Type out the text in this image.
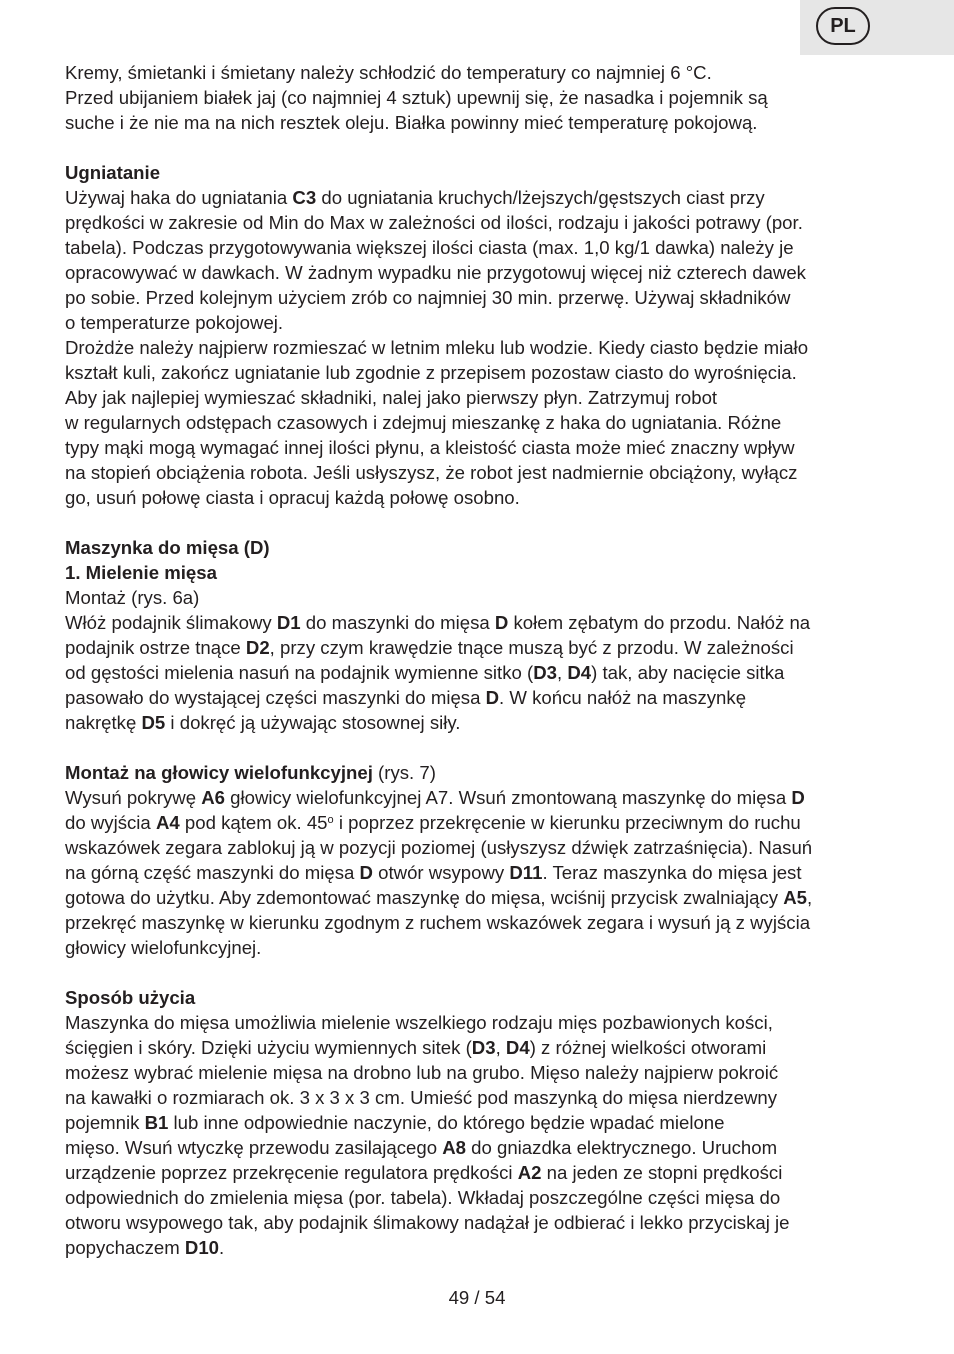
PL
Kremy, śmietanki i śmietany należy schłodzić do temperatury co najmniej 6 °C.
Przed ubijaniem białek jaj (co najmniej 4 sztuk) upewnij się, że nasadka i pojemnik są
suche i że nie ma na nich resztek oleju. Białka powinny mieć temperaturę pokojową.
Ugniatanie
Używaj haka do ugniatania C3 do ugniatania kruchych/lżejszych/gęstszych ciast przy
prędkości w zakresie od Min do Max w zależności od ilości, rodzaju i jakości potrawy (por.
tabela). Podczas przygotowywania większej ilości ciasta (max. 1,0 kg/1 dawka) należy je
opracowywać w dawkach. W żadnym wypadku nie przygotowuj więcej niż czterech dawek
po sobie. Przed kolejnym użyciem zrób co najmniej 30 min. przerwę. Używaj składników
o temperaturze pokojowej.
Drożdże należy najpierw rozmieszać w letnim mleku lub wodzie. Kiedy ciasto będzie miało
kształt kuli, zakończ ugniatanie lub zgodnie z przepisem pozostaw ciasto do wyrośnięcia.
Aby jak najlepiej wymieszać składniki, nalej jako pierwszy płyn. Zatrzymuj robot
w regularnych odstępach czasowych i zdejmuj mieszankę z haka do ugniatania. Różne
typy mąki mogą wymagać innej ilości płynu, a kleistość ciasta może mieć znaczny wpływ
na stopień obciążenia robota. Jeśli usłyszysz, że robot jest nadmiernie obciążony, wyłącz
go, usuń połowę ciasta i opracuj każdą połowę osobno.
Maszynka do mięsa (D)
1. Mielenie mięsa
Montaż (rys. 6a)
Włóż podajnik ślimakowy D1 do maszynki do mięsa D kołem zębatym do przodu. Nałóż na
podajnik ostrze tnące D2, przy czym krawędzie tnące muszą być z przodu. W zależności
od gęstości mielenia nasuń na podajnik wymienne sitko (D3, D4) tak, aby nacięcie sitka
pasowało do wystającej części maszynki do mięsa D. W końcu nałóż na maszynkę
nakrętkę D5 i dokręć ją używając stosownej siły.
Montaż na głowicy wielofunkcyjnej (rys. 7)
Wysuń pokrywę A6 głowicy wielofunkcyjnej A7. Wsuń zmontowaną maszynkę do mięsa D
do wyjścia A4 pod kątem ok. 45$^o$ i poprzez przekręcenie w kierunku przeciwnym do ruchu
wskazówek zegara zablokuj ją w pozycji poziomej (usłyszysz dźwięk zatrzaśnięcia). Nasuń
na górną część maszynki do mięsa D otwór wsypowy D11. Teraz maszynka do mięsa jest
gotowa do użytku. Aby zdemontować maszynkę do mięsa, wciśnij przycisk zwalniający A5,
przekręć maszynkę w kierunku zgodnym z ruchem wskazówek zegara i wysuń ją z wyjścia
głowicy wielofunkcyjnej.
Sposób użycia
Maszynka do mięsa umożliwia mielenie wszelkiego rodzaju mięs pozbawionych kości,
ścięgien i skóry. Dzięki użyciu wymiennych sitek (D3, D4) z różnej wielkości otworami
możesz wybrać mielenie mięsa na drobno lub na grubo. Mięso należy najpierw pokroić
na kawałki o rozmiarach ok. 3 x 3 x 3 cm. Umieść pod maszynką do mięsa nierdzewny
pojemnik B1 lub inne odpowiednie naczynie, do którego będzie wpadać mielone
mięso. Wsuń wtyczkę przewodu zasilającego A8 do gniazdka elektrycznego. Uruchom
urządzenie poprzez przekręcenie regulatora prędkości A2 na jeden ze stopni prędkości
odpowiednich do zmielenia mięsa (por. tabela). Wkładaj poszczególne części mięsa do
otworu wsypowego tak, aby podajnik ślimakowy nadążał je odbierać i lekko przyciskaj je
popychaczem D10.
49 / 54
